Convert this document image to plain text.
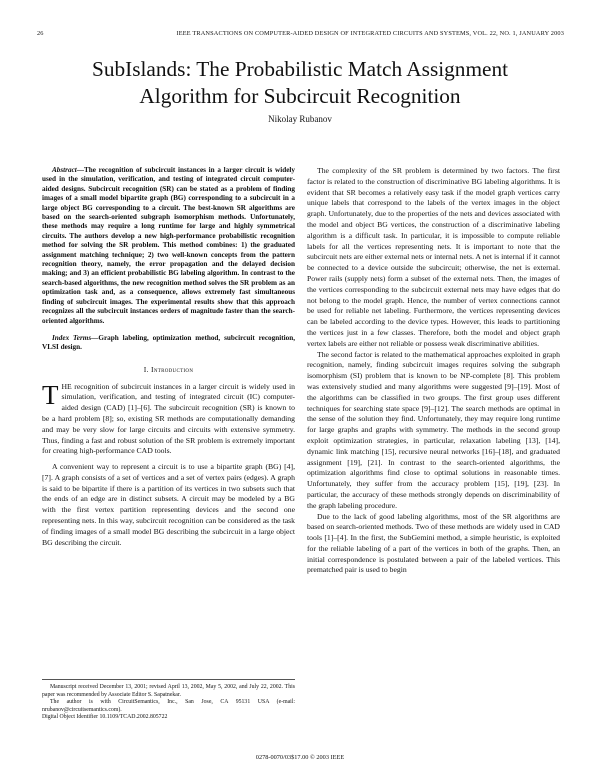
26	IEEE TRANSACTIONS ON COMPUTER-AIDED DESIGN OF INTEGRATED CIRCUITS AND SYSTEMS, VOL. 22, NO. 1, JANUARY 2003
SubIslands: The Probabilistic Match Assignment
Algorithm for Subcircuit Recognition
Nikolay Rubanov

Abstract—The recognition of subcircuit instances in a larger circuit is widely used in the simulation, verification, and testing of integrated circuit computer-aided designs. Subcircuit recognition (SR) can be stated as a problem of finding images of a small model bipartite graph (BG) corresponding to a subcircuit in a large object BG corresponding to a circuit. The best-known SR algorithms are based on the search-oriented subgraph isomorphism methods. Unfortunately, these methods may require a long runtime for large and highly symmetrical circuits. The authors develop a new high-performance probabilistic recognition method for solving the SR problem. This method combines: 1) the graduated assignment matching technique; 2) two well-known concepts from the pattern recognition theory, namely, the error propagation and the delayed decision making; and 3) an efficient probabilistic BG labeling algorithm. In contrast to the search-based algorithms, the new recognition method solves the SR problem as an optimization task and, as a consequence, allows extremely fast simultaneous finding of subcircuit images. The experimental results show that this approach recognizes all the subcircuit instances orders of magnitude faster than the search-oriented algorithms.

Index Terms—Graph labeling, optimization method, subcircuit recognition, VLSI design.

I. Introduction

THE recognition of subcircuit instances in a larger circuit is widely used in simulation, verification, and testing of integrated circuit (IC) computer-aided design (CAD) [1]–[6]. The subcircuit recognition (SR) is known to be a hard problem [8]; so, existing SR methods are computationally demanding and may be very slow for large circuits and circuits with extensive symmetry. Thus, finding a fast and robust solution of the SR problem is extremely important for creating high-performance CAD tools.

A convenient way to represent a circuit is to use a bipartite graph (BG) [4], [7]. A graph consists of a set of vertices and a set of vertex pairs (edges). A graph is said to be bipartite if there is a partition of its vertices in two subsets such that the ends of an edge are in distinct subsets. A circuit may be modeled by a BG with the first vertex partition representing devices and the second one representing nets. In this way, subcircuit recognition can be considered as the task of finding images of a small model BG describing the subcircuit in a large object BG describing the circuit.

Manuscript received December 13, 2001; revised April 13, 2002, May 5, 2002, and July 22, 2002. This paper was recommended by Associate Editor S. Sapatnekar.

The author is with CircuitSemantics, Inc., San Jose, CA 95131 USA (e-mail: nrubanov@circuitsemantics.com).

Digital Object Identifier 10.1109/TCAD.2002.805722

The complexity of the SR problem is determined by two factors. The first factor is related to the construction of discriminative BG labeling algorithms. It is evident that SR becomes a relatively easy task if the model graph vertices carry unique labels that correspond to the labels of the vertex images in the object graph. Unfortunately, due to the properties of the nets and devices associated with the model and object BG vertices, the construction of a discriminative labeling algorithm is a difficult task. In particular, it is impossible to compute reliable labels for all the vertices representing nets. It is important to note that the subcircuit nets are either external nets or internal nets. A net is internal if it cannot be connected to a device outside the subcircuit; otherwise, the net is external. Power rails (supply nets) form a subset of the external nets. Then, the images of the vertices corresponding to the subcircuit external nets may have edges that do not belong to the model graph. Hence, the number of vertex connections cannot be used for reliable net labeling. Furthermore, the vertices representing devices can be labeled according to the device types. However, this leads to partitioning the vertices just in a few classes. Therefore, both the model and object graph vertex labels are either not reliable or possess weak discriminative abilities.

The second factor is related to the mathematical approaches exploited in graph recognition, namely, finding subcircuit images requires solving the subgraph isomorphism (SI) problem that is known to be NP-complete [8]. This problem was extensively studied and many algorithms were suggested [9]–[19]. Most of the algorithms can be classified in two groups. The first group uses different techniques for searching state space [9]–[12]. The search methods are optimal in the sense of the solution they find. Unfortunately, they may require long runtime for large graphs and graphs with symmetry. The methods in the second group exploit optimization strategies, in particular, relaxation labeling [13], [14], dynamic link matching [15], recursive neural networks [16]–[18], and graduated assignment [19], [21]. In contrast to the search-oriented algorithms, the optimization algorithms find close to optimal solutions in reasonable times. Unfortunately, they suffer from the accuracy problem [15], [19], [23]. In particular, the accuracy of these methods strongly depends on discriminability of the graph labeling procedure.

Due to the lack of good labeling algorithms, most of the SR algorithms are based on search-oriented methods. Two of these methods are widely used in CAD tools [1]–[4]. In the first, the SubGemini method, a simple heuristic, is exploited for the reliable labeling of a part of the vertices in both of the graphs. Then, an initial correspondence is postulated between a pair of the labeled vertices. This prematched pair is used to begin

0278-0070/03$17.00 © 2003 IEEE
